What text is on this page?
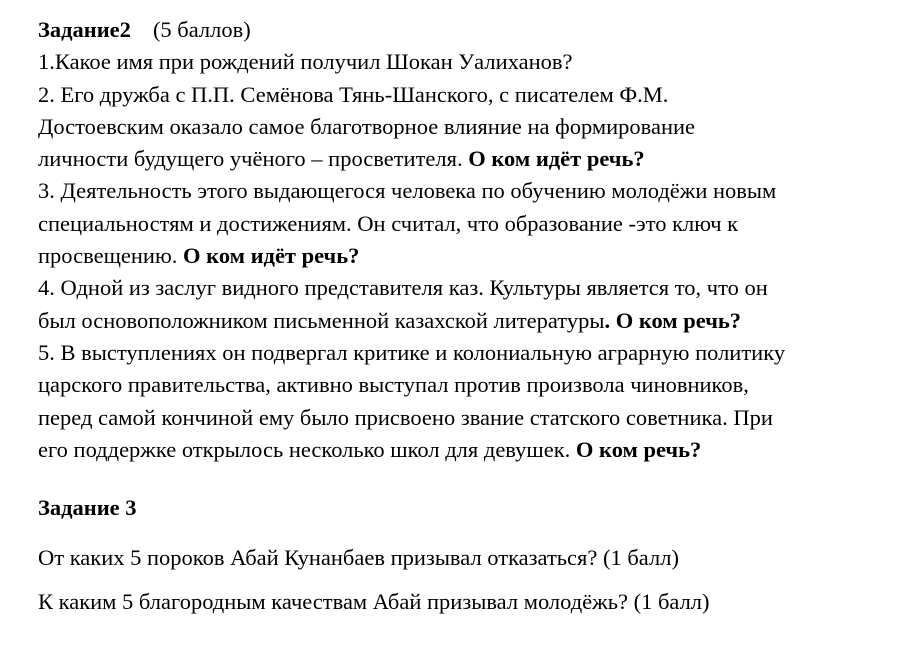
Задание2 (5 баллов)
1.Какое имя при рождений получил Шокан Уалиханов?
2. Его дружба с П.П. Семёнова Тянь-Шанского, с писателем Ф.М.
Достоевским оказало самое благотворное влияние на формирование
личности будущего учёного – просветителя. О ком идёт речь?
3. Деятельность этого выдающегося человека по обучению молодёжи новым
специальностям и достижениям. Он считал, что образование -это ключ к
просвещению. О ком идёт речь?
4. Одной из заслуг видного представителя каз. Культуры является то, что он
был основоположником письменной казахской литературы. О ком речь?
5. В выступлениях он подвергал критике и колониальную аграрную политику
царского правительства, активно выступал против произвола чиновников,
перед самой кончиной ему было присвоено звание статского советника. При
его поддержке открылось несколько школ для девушек. О ком речь?
Задание 3
От каких 5 пороков Абай Кунанбаев призывал отказаться? (1 балл)
К каким 5 благородным качествам Абай призывал молодёжь? (1 балл)
